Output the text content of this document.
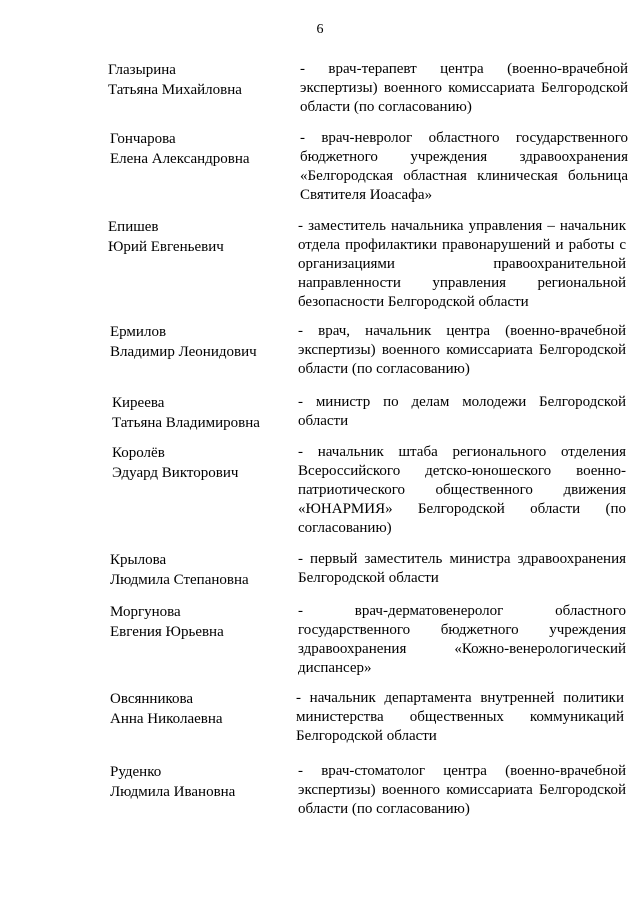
6
Глазырина
Татьяна Михайловна
- врач-терапевт центра (военно-врачебной экспертизы) военного комиссариата Белгородской области (по согласованию)
Гончарова
Елена Александровна
- врач-невролог областного государственного бюджетного учреждения здравоохранения «Белгородская областная клиническая больница Святителя Иоасафа»
Епишев
Юрий Евгеньевич
- заместитель начальника управления – начальник отдела профилактики правонарушений и работы с организациями правоохранительной направленности управления региональной безопасности Белгородской области
Ермилов
Владимир Леонидович
- врач, начальник центра (военно-врачебной экспертизы) военного комиссариата Белгородской области (по согласованию)
Киреева
Татьяна Владимировна
- министр по делам молодежи Белгородской области
Королёв
Эдуард Викторович
- начальник штаба регионального отделения Всероссийского детско-юношеского военно-патриотического общественного движения «ЮНАРМИЯ» Белгородской области (по согласованию)
Крылова
Людмила Степановна
- первый заместитель министра здравоохранения Белгородской области
Моргунова
Евгения Юрьевна
- врач-дерматовенеролог областного государственного бюджетного учреждения здравоохранения «Кожно-венерологический диспансер»
Овсянникова
Анна Николаевна
- начальник департамента внутренней политики министерства общественных коммуникаций Белгородской области
Руденко
Людмила Ивановна
- врач-стоматолог центра (военно-врачебной экспертизы) военного комиссариата Белгородской области (по согласованию)
